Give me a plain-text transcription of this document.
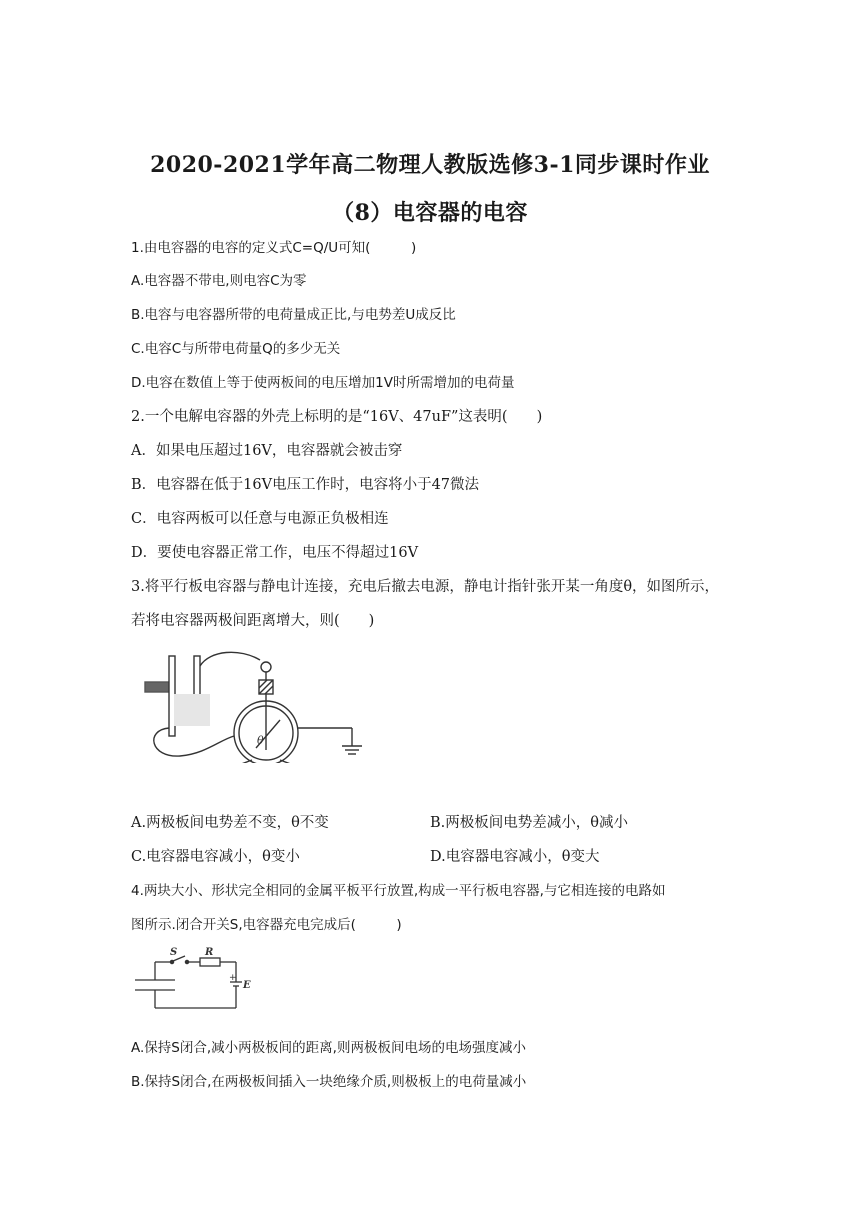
2020-2021学年高二物理人教版选修3-1同步课时作业
（8）电容器的电容
1.由电容器的电容的定义式C=Q/U可知(　　　)
A.电容器不带电,则电容C为零
B.电容与电容器所带的电荷量成正比,与电势差U成反比
C.电容C与所带电荷量Q的多少无关
D.电容在数值上等于使两板间的电压增加1V时所需增加的电荷量
2.一个电解电容器的外壳上标明的是“16V、47uF”这表明(　　)
A．如果电压超过16V，电容器就会被击穿
B．电容器在低于16V电压工作时，电容将小于47微法
C．电容两板可以任意与电源正负极相连
D．要使电容器正常工作，电压不得超过16V
3.将平行板电容器与静电计连接，充电后撤去电源，静电计指针张开某一角度θ，如图所示，
若将电容器两极间距离增大，则(　　)
θ
A.两极板间电势差不变，θ不变	B.两极板间电势差减小，θ减小
C.电容器电容减小，θ变小	D.电容器电容减小，θ变大
4.两块大小、形状完全相同的金属平板平行放置,构成一平行板电容器,与它相连接的电路如
图所示.闭合开关S,电容器充电完成后(　　　)
S	R
E
+
A.保持S闭合,减小两极板间的距离,则两极板间电场的电场强度减小
B.保持S闭合,在两极板间插入一块绝缘介质,则极板上的电荷量减小
